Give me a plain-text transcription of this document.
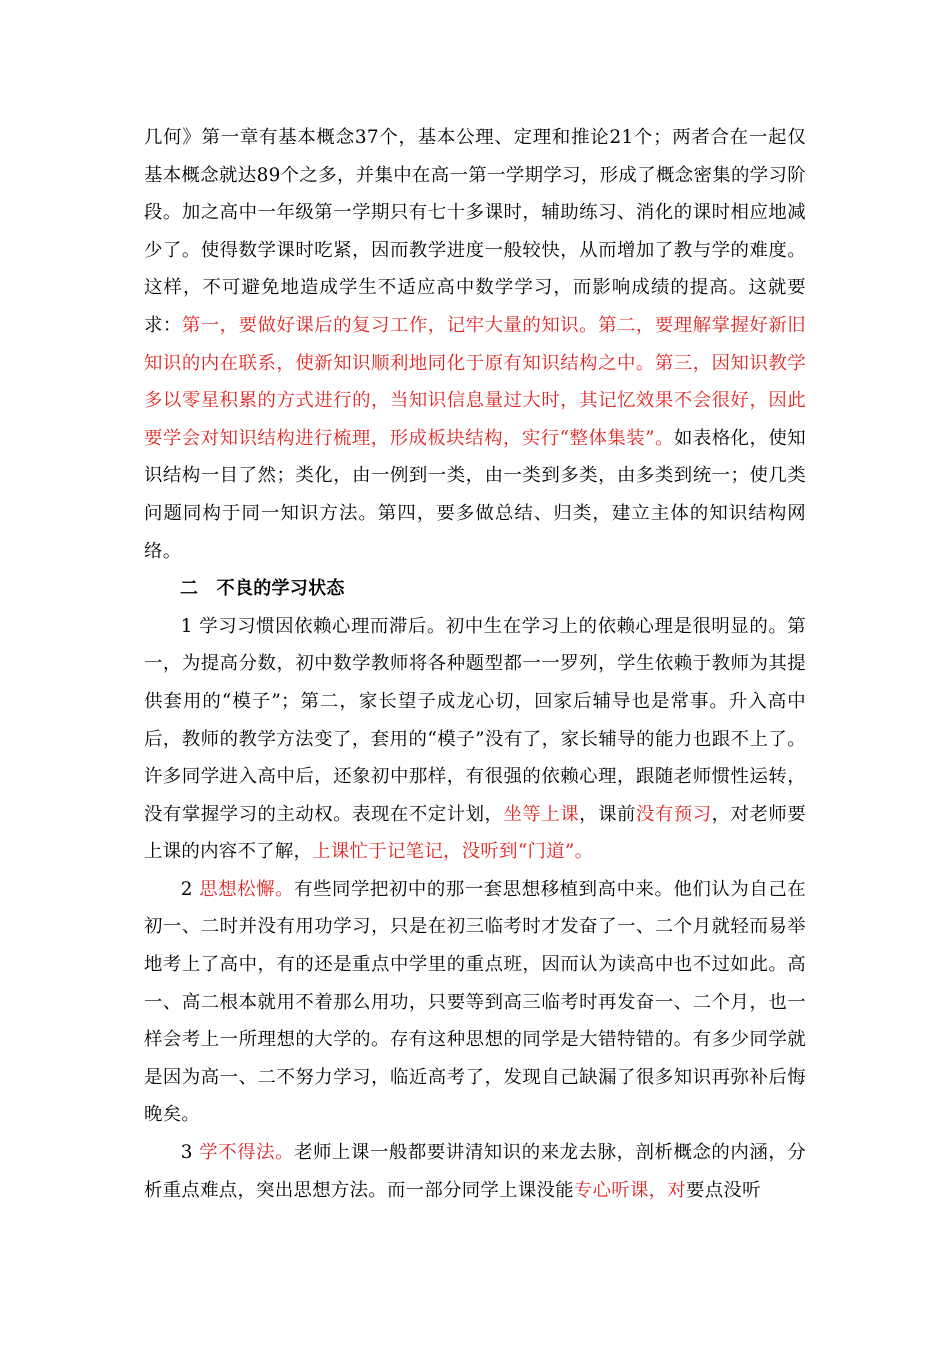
几何》第一章有基本概念37个，基本公理、定理和推论21个；两者合在一起仅基本概念就达89个之多，并集中在高一第一学期学习，形成了概念密集的学习阶段。加之高中一年级第一学期只有七十多课时，辅助练习、消化的课时相应地减少了。使得数学课时吃紧，因而教学进度一般较快，从而增加了教与学的难度。这样，不可避免地造成学生不适应高中数学学习，而影响成绩的提高。这就要求：第一，要做好课后的复习工作，记牢大量的知识。第二，要理解掌握好新旧知识的内在联系，使新知识顺利地同化于原有知识结构之中。第三，因知识教学多以零星积累的方式进行的，当知识信息量过大时，其记忆效果不会很好，因此要学会对知识结构进行梳理，形成板块结构，实行“整体集装”。如表格化，使知识结构一目了然；类化，由一例到一类，由一类到多类，由多类到统一；使几类问题同构于同一知识方法。第四，要多做总结、归类，建立主体的知识结构网络。

二　不良的学习状态

1 学习习惯因依赖心理而滞后。初中生在学习上的依赖心理是很明显的。第一，为提高分数，初中数学教师将各种题型都一一罗列，学生依赖于教师为其提供套用的“模子”；第二，家长望子成龙心切，回家后辅导也是常事。升入高中后，教师的教学方法变了，套用的“模子”没有了，家长辅导的能力也跟不上了。许多同学进入高中后，还象初中那样，有很强的依赖心理，跟随老师惯性运转，没有掌握学习的主动权。表现在不定计划，坐等上课，课前没有预习，对老师要上课的内容不了解，上课忙于记笔记，没听到“门道”。

2 思想松懈。有些同学把初中的那一套思想移植到高中来。他们认为自己在初一、二时并没有用功学习，只是在初三临考时才发奋了一、二个月就轻而易举地考上了高中，有的还是重点中学里的重点班，因而认为读高中也不过如此。高一、高二根本就用不着那么用功，只要等到高三临考时再发奋一、二个月，也一样会考上一所理想的大学的。存有这种思想的同学是大错特错的。有多少同学就是因为高一、二不努力学习，临近高考了，发现自己缺漏了很多知识再弥补后悔晚矣。

3 学不得法。老师上课一般都要讲清知识的来龙去脉，剖析概念的内涵，分析重点难点，突出思想方法。而一部分同学上课没能专心听课，对要点没听
